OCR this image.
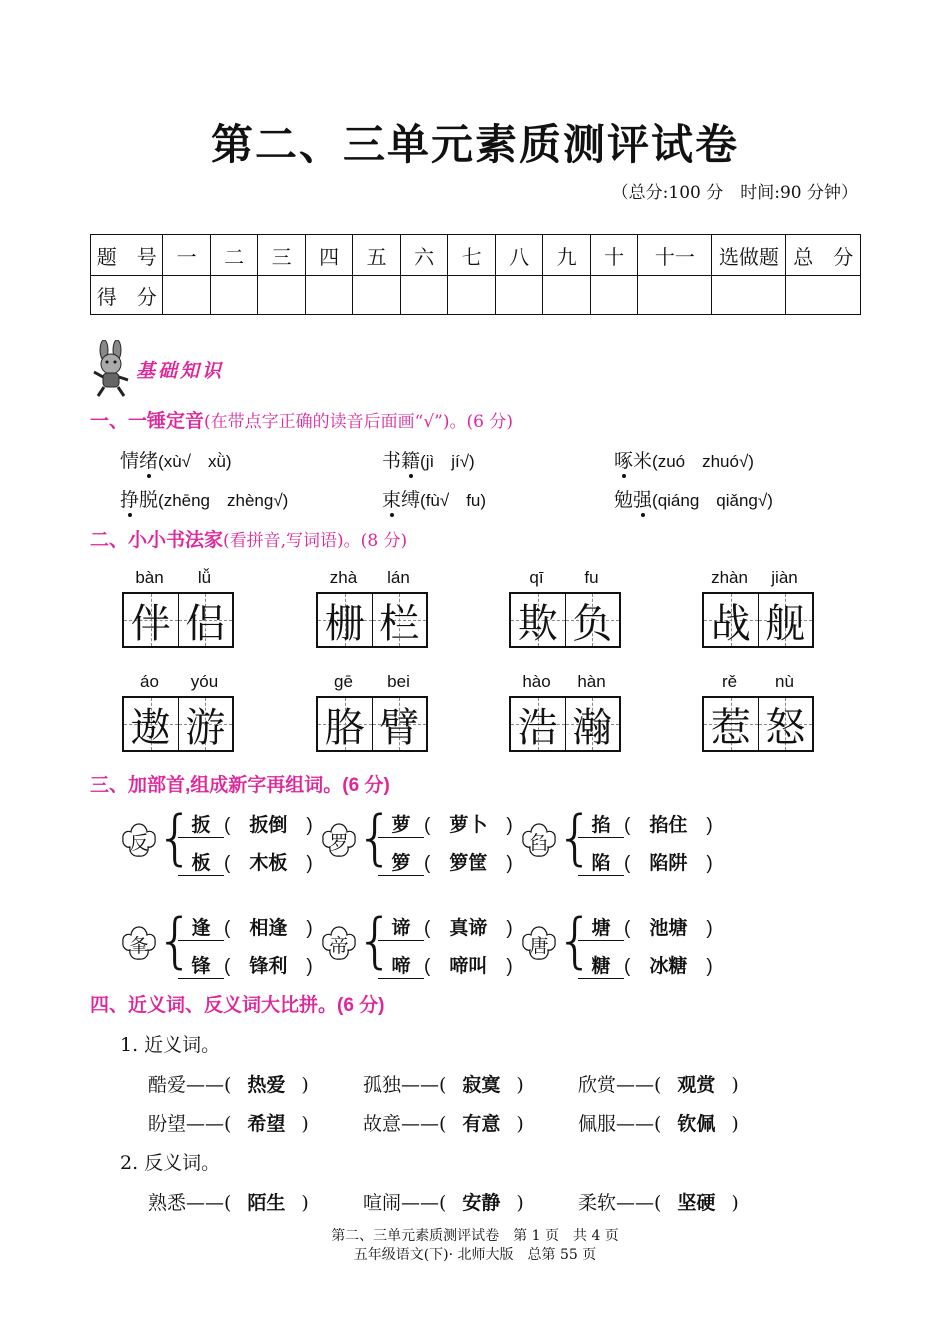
第二、三单元素质测评试卷
（总分:100 分　时间:90 分钟）
题　号	一	二	三	四	五	六	七	八	九	十	十一	选做题	总　分
得　分													
基础知识
一、一锤定音(在带点字正确的读音后面画“√”)。(6 分)
情绪(xù√　xǜ)	书籍(jì　jí√)	啄米(zuó　zhuó√)
挣脱(zhēng　zhèng√)	束缚(fù√　fu)	勉强(qiáng　qiǎng√)
二、小小书法家(看拼音,写词语)。(8 分)
bàn	lǚ
伴 侣
zhà	lán
栅 栏
qī	fu
欺 负
zhàn	jiàn
战 舰
áo	yóu
遨 游
gē	bei
胳 臂
hào	hàn
浩 瀚
rě	nù
惹 怒
三、加部首,组成新字再组词。(6 分)
反 {
扳 (　扳倒　)
板 (　木板　)
罗 {
萝 (　萝卜　)
箩 (　箩筐　)
臽 {
掐 (　掐住　)
陷 (　陷阱　)
夆 {
逢 (　相逢　)
锋 (　锋利　)
帝 {
谛 (　真谛　)
啼 (　啼叫　)
唐 {
塘 (　池塘　)
糖 (　冰糖　)
四、近义词、反义词大比拼。(6 分)
1. 近义词。
2. 反义词。
酷爱——( 热爱 )	孤独——( 寂寞 )	欣赏——( 观赏 )
盼望——( 希望 )	故意——( 有意 )	佩服——( 钦佩 )
熟悉——( 陌生 )	喧闹——( 安静 )	柔软——( 坚硬 )
第二、三单元素质测评试卷　第 1 页　共 4 页
五年级语文(下)· 北师大版　总第 55 页
